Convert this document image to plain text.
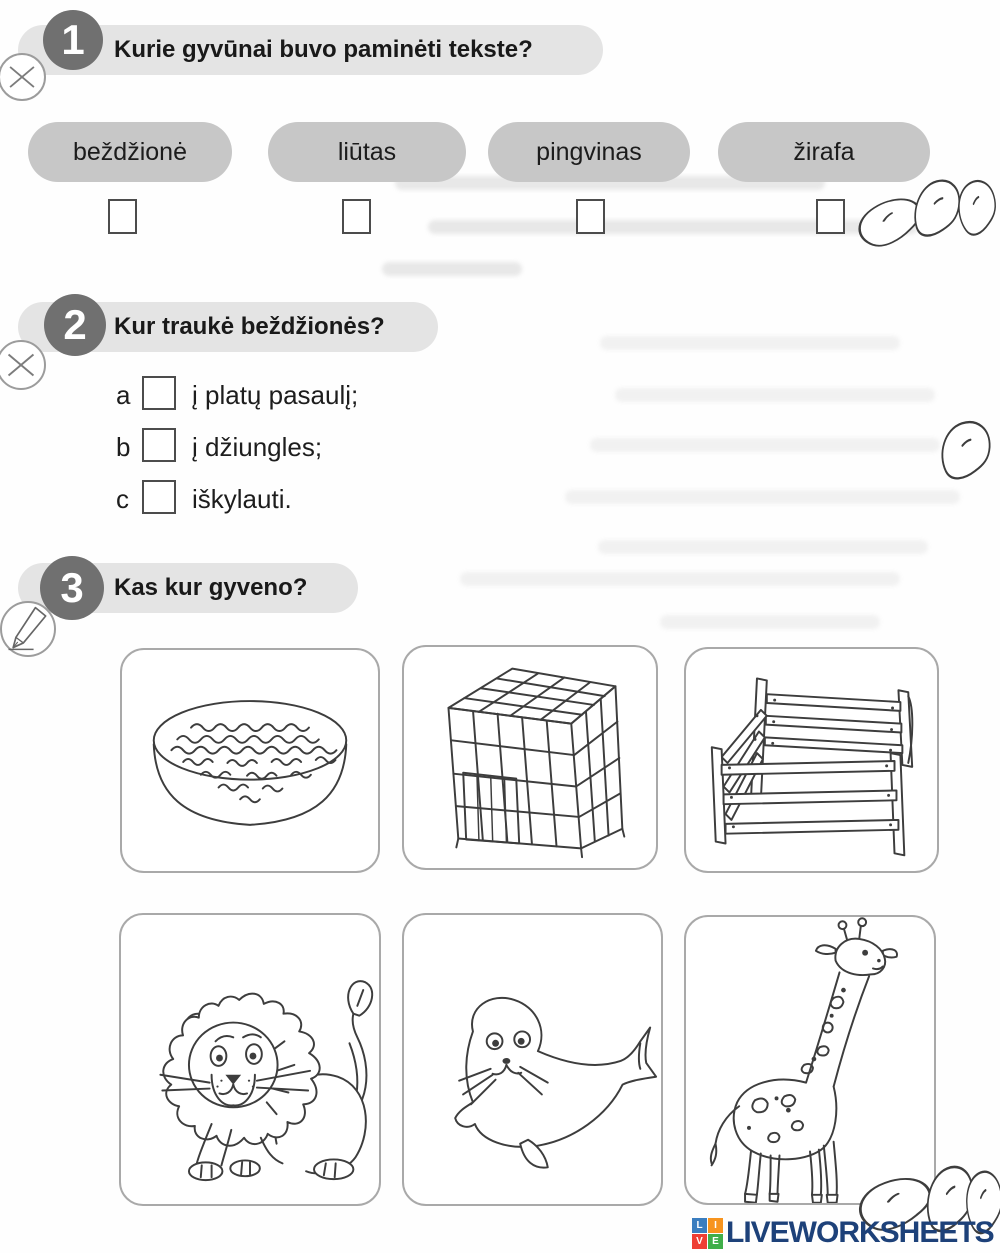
Kurie gyvūnai buvo paminėti tekste?
1
beždžionė	liūtas	pingvinas	žirafa
Kur traukė beždžionės?
2
a į platų pasaulį;
b į džiungles;
c iškylauti.
Kas kur gyveno?
3
L	I
V E LIVEWORKSHEETS
